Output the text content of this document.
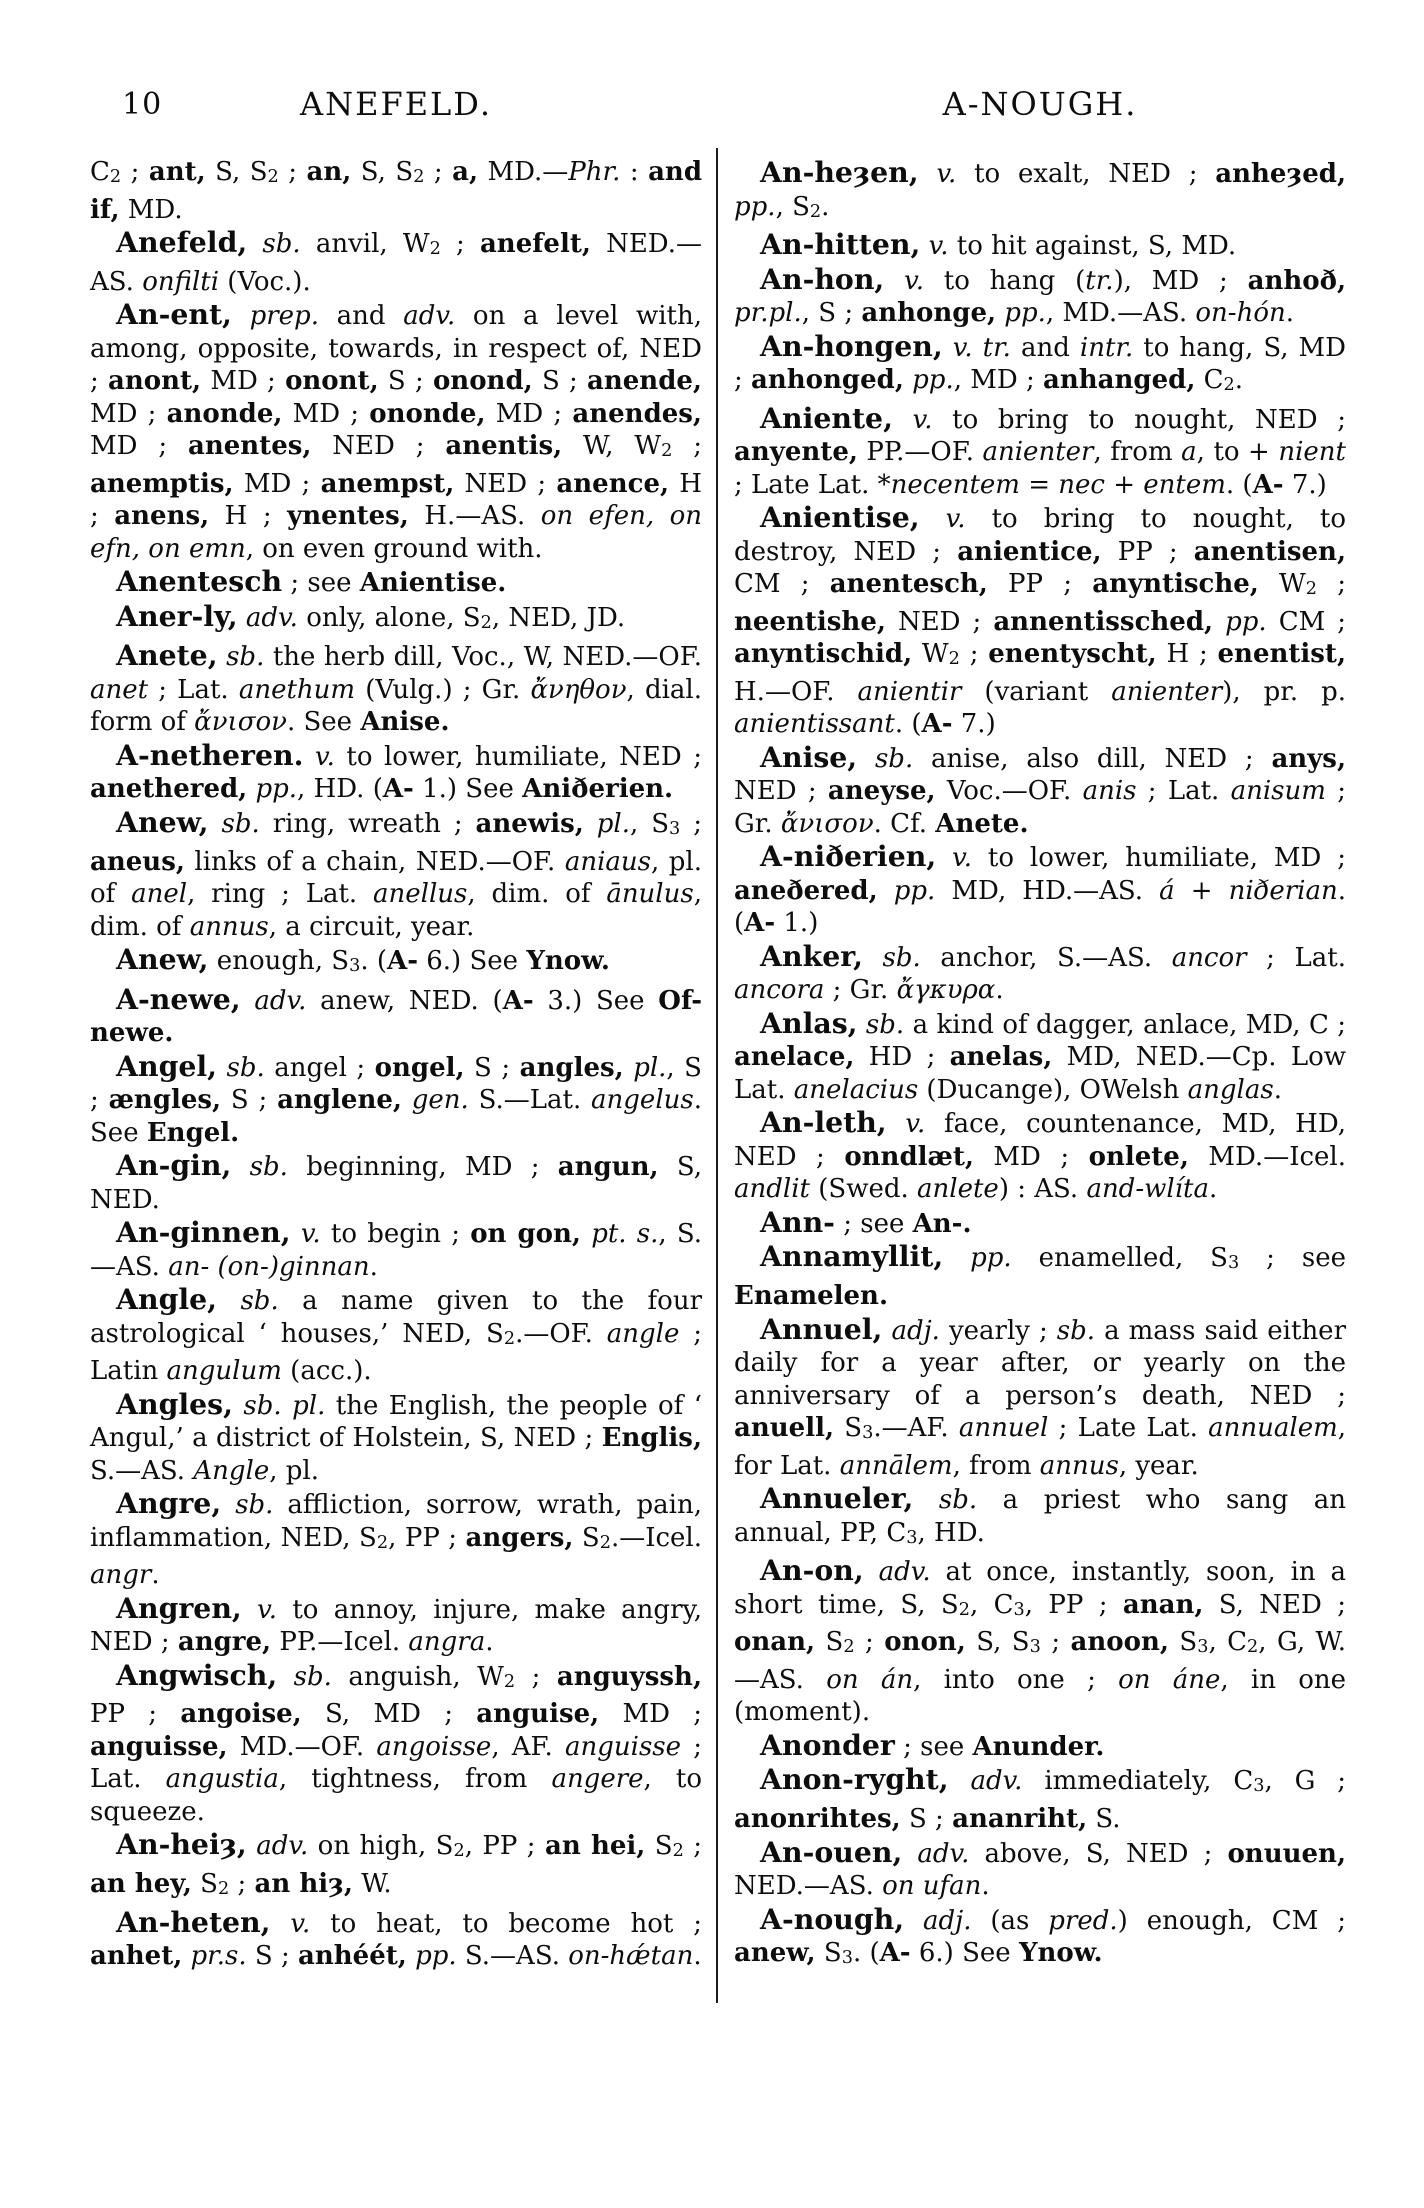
10	ANEFELD.	A-NOUGH.

C2 ; ant, S, S2 ; an, S, S2 ; a, MD.—Phr. : and if, MD.

Anefeld, sb. anvil, W2 ; anefelt, NED.—AS. onfilti (Voc.).

An-ent, prep. and adv. on a level with, among, opposite, towards, in respect of, NED ; anont, MD ; onont, S ; onond, S ; anende, MD ; anonde, MD ; ononde, MD ; anendes, MD ; anentes, NED ; anentis, W, W2 ; anemptis, MD ; anempst, NED ; anence, H ; anens, H ; ynentes, H.—AS. on efen, on efn, on emn, on even ground with.

Anentesch ; see Anientise.

Aner-ly, adv. only, alone, S2, NED, JD.

Anete, sb. the herb dill, Voc., W, NED.—OF. anet ; Lat. anethum (Vulg.) ; Gr. ἄνηθον, dial. form of ἄνισον. See Anise.

A-netheren. v. to lower, humiliate, NED ; anethered, pp., HD. (A- 1.) See Aniðerien.

Anew, sb. ring, wreath ; anewis, pl., S3 ; aneus, links of a chain, NED.—OF. aniaus, pl. of anel, ring ; Lat. anellus, dim. of ānulus, dim. of annus, a circuit, year.

Anew, enough, S3. (A- 6.) See Ynow.

A-newe, adv. anew, NED. (A- 3.) See Of-newe.

Angel, sb. angel ; ongel, S ; angles, pl., S ; ængles, S ; anglene, gen. S.—Lat. angelus. See Engel.

An-gin, sb. beginning, MD ; angun, S, NED.

An-ginnen, v. to begin ; on gon, pt. s., S.—AS. an- (on-)ginnan.

Angle, sb. a name given to the four astrological ‘ houses,’ NED, S2.—OF. angle ; Latin angulum (acc.).

Angles, sb. pl. the English, the people of ‘ Angul,’ a district of Holstein, S, NED ; Englis, S.—AS. Angle, pl.

Angre, sb. affliction, sorrow, wrath, pain, inflammation, NED, S2, PP ; angers, S2.—Icel. angr.

Angren, v. to annoy, injure, make angry, NED ; angre, PP.—Icel. angra.

Angwisch, sb. anguish, W2 ; anguyssh, PP ; angoise, S, MD ; anguise, MD ; anguisse, MD.—OF. angoisse, AF. anguisse ; Lat. angustia, tightness, from angere, to squeeze.

An-heiȝ, adv. on high, S2, PP ; an hei, S2 ; an hey, S2 ; an hiȝ, W.

An-heten, v. to heat, to become hot ; anhet, pr.s. S ; anhéét, pp. S.—AS. on-hǽtan.

An-heȝen, v. to exalt, NED ; anheȝed, pp., S2.

An-hitten, v. to hit against, S, MD.

An-hon, v. to hang (tr.), MD ; anhoð, pr.pl., S ; anhonge, pp., MD.—AS. on-hón.

An-hongen, v. tr. and intr. to hang, S, MD ; anhonged, pp., MD ; anhanged, C2.

Aniente, v. to bring to nought, NED ; anyente, PP.—OF. anienter, from a, to + nient ; Late Lat. *necentem = nec + entem. (A- 7.)

Anientise, v. to bring to nought, to destroy, NED ; anientice, PP ; anentisen, CM ; anentesch, PP ; anyntische, W2 ; neentishe, NED ; annentissched, pp. CM ; anyntischid, W2 ; enentyscht, H ; enentist, H.—OF. anientir (variant anienter), pr. p. anientissant. (A- 7.)

Anise, sb. anise, also dill, NED ; anys, NED ; aneyse, Voc.—OF. anis ; Lat. anisum ; Gr. ἄνισον. Cf. Anete.

A-niðerien, v. to lower, humiliate, MD ; aneðered, pp. MD, HD.—AS. á + niðerian. (A- 1.)

Anker, sb. anchor, S.—AS. ancor ; Lat. ancora ; Gr. ἄγκυρα.

Anlas, sb. a kind of dagger, anlace, MD, C ; anelace, HD ; anelas, MD, NED.—Cp. Low Lat. anelacius (Ducange), OWelsh anglas.

An-leth, v. face, countenance, MD, HD, NED ; onndlæt, MD ; onlete, MD.—Icel. andlit (Swed. anlete) : AS. and-wlíta.

Ann- ; see An-.

Annamyllit, pp. enamelled, S3 ; see Enamelen.

Annuel, adj. yearly ; sb. a mass said either daily for a year after, or yearly on the anniversary of a person’s death, NED ; anuell, S3.—AF. annuel ; Late Lat. annualem, for Lat. annālem, from annus, year.

Annueler, sb. a priest who sang an annual, PP, C3, HD.

An-on, adv. at once, instantly, soon, in a short time, S, S2, C3, PP ; anan, S, NED ; onan, S2 ; onon, S, S3 ; anoon, S3, C2, G, W.—AS. on án, into one ; on áne, in one (moment).

Anonder ; see Anunder.

Anon-ryght, adv. immediately, C3, G ; anonrihtes, S ; ananriht, S.

An-ouen, adv. above, S, NED ; onuuen, NED.—AS. on ufan.

A-nough, adj. (as pred.) enough, CM ; anew, S3. (A- 6.) See Ynow.
